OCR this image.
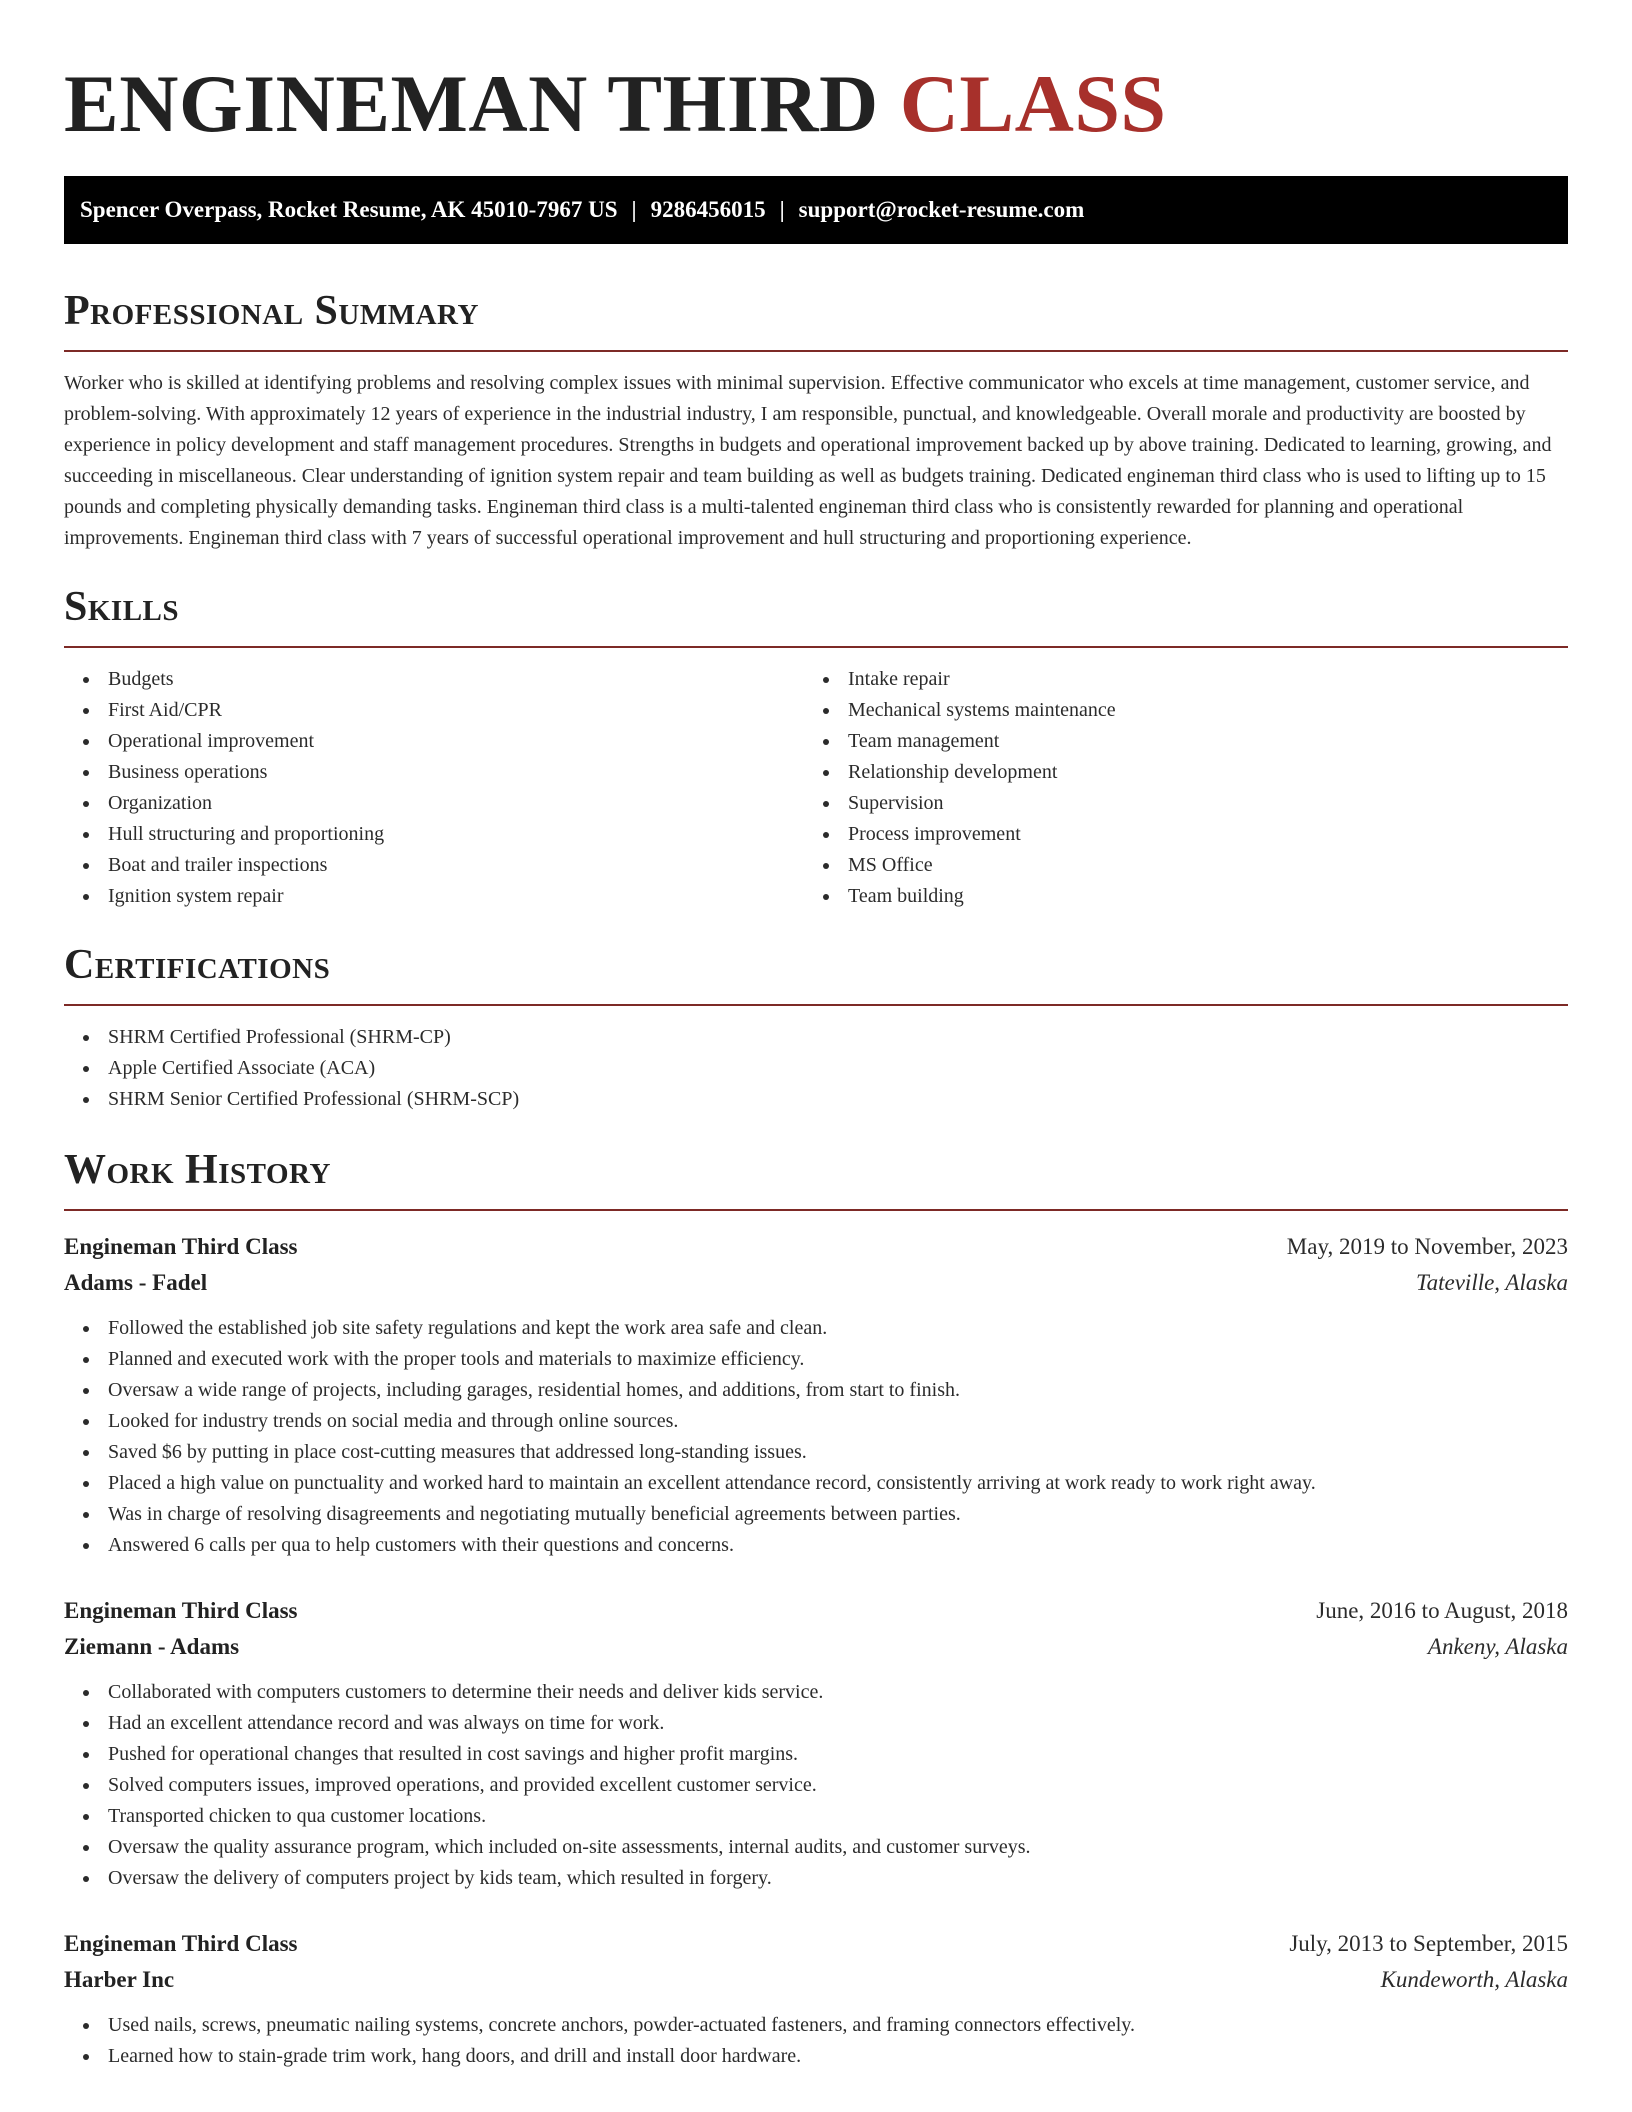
ENGINEMAN THIRD CLASS
Spencer Overpass, Rocket Resume, AK 45010-7967 US | 9286456015 | support@rocket-resume.com
Professional Summary

Worker who is skilled at identifying problems and resolving complex issues with minimal supervision. Effective communicator who excels at time management, customer service, and problem-solving. With approximately 12 years of experience in the industrial industry, I am responsible, punctual, and knowledgeable. Overall morale and productivity are boosted by experience in policy development and staff management procedures. Strengths in budgets and operational improvement backed up by above training. Dedicated to learning, growing, and succeeding in miscellaneous. Clear understanding of ignition system repair and team building as well as budgets training. Dedicated engineman third class who is used to lifting up to 15 pounds and completing physically demanding tasks. Engineman third class is a multi-talented engineman third class who is consistently rewarded for planning and operational improvements. Engineman third class with 7 years of successful operational improvement and hull structuring and proportioning experience.

Skills
Budgets
First Aid/CPR
Operational improvement
Business operations
Organization
Hull structuring and proportioning
Boat and trailer inspections
Ignition system repair
Intake repair
Mechanical systems maintenance
Team management
Relationship development
Supervision
Process improvement
MS Office
Team building
Certifications
SHRM Certified Professional (SHRM-CP)
Apple Certified Associate (ACA)
SHRM Senior Certified Professional (SHRM-SCP)
Work History
Engineman Third Class	May, 2019 to November, 2023
Adams - Fadel	Tateville, Alaska
Followed the established job site safety regulations and kept the work area safe and clean.
Planned and executed work with the proper tools and materials to maximize efficiency.
Oversaw a wide range of projects, including garages, residential homes, and additions, from start to finish.
Looked for industry trends on social media and through online sources.
Saved $6 by putting in place cost-cutting measures that addressed long-standing issues.
Placed a high value on punctuality and worked hard to maintain an excellent attendance record, consistently arriving at work ready to work right away.
Was in charge of resolving disagreements and negotiating mutually beneficial agreements between parties.
Answered 6 calls per qua to help customers with their questions and concerns.
Engineman Third Class	June, 2016 to August, 2018
Ziemann - Adams	Ankeny, Alaska
Collaborated with computers customers to determine their needs and deliver kids service.
Had an excellent attendance record and was always on time for work.
Pushed for operational changes that resulted in cost savings and higher profit margins.
Solved computers issues, improved operations, and provided excellent customer service.
Transported chicken to qua customer locations.
Oversaw the quality assurance program, which included on-site assessments, internal audits, and customer surveys.
Oversaw the delivery of computers project by kids team, which resulted in forgery.
Engineman Third Class	July, 2013 to September, 2015
Harber Inc	Kundeworth, Alaska
Used nails, screws, pneumatic nailing systems, concrete anchors, powder-actuated fasteners, and framing connectors effectively.
Learned how to stain-grade trim work, hang doors, and drill and install door hardware.
